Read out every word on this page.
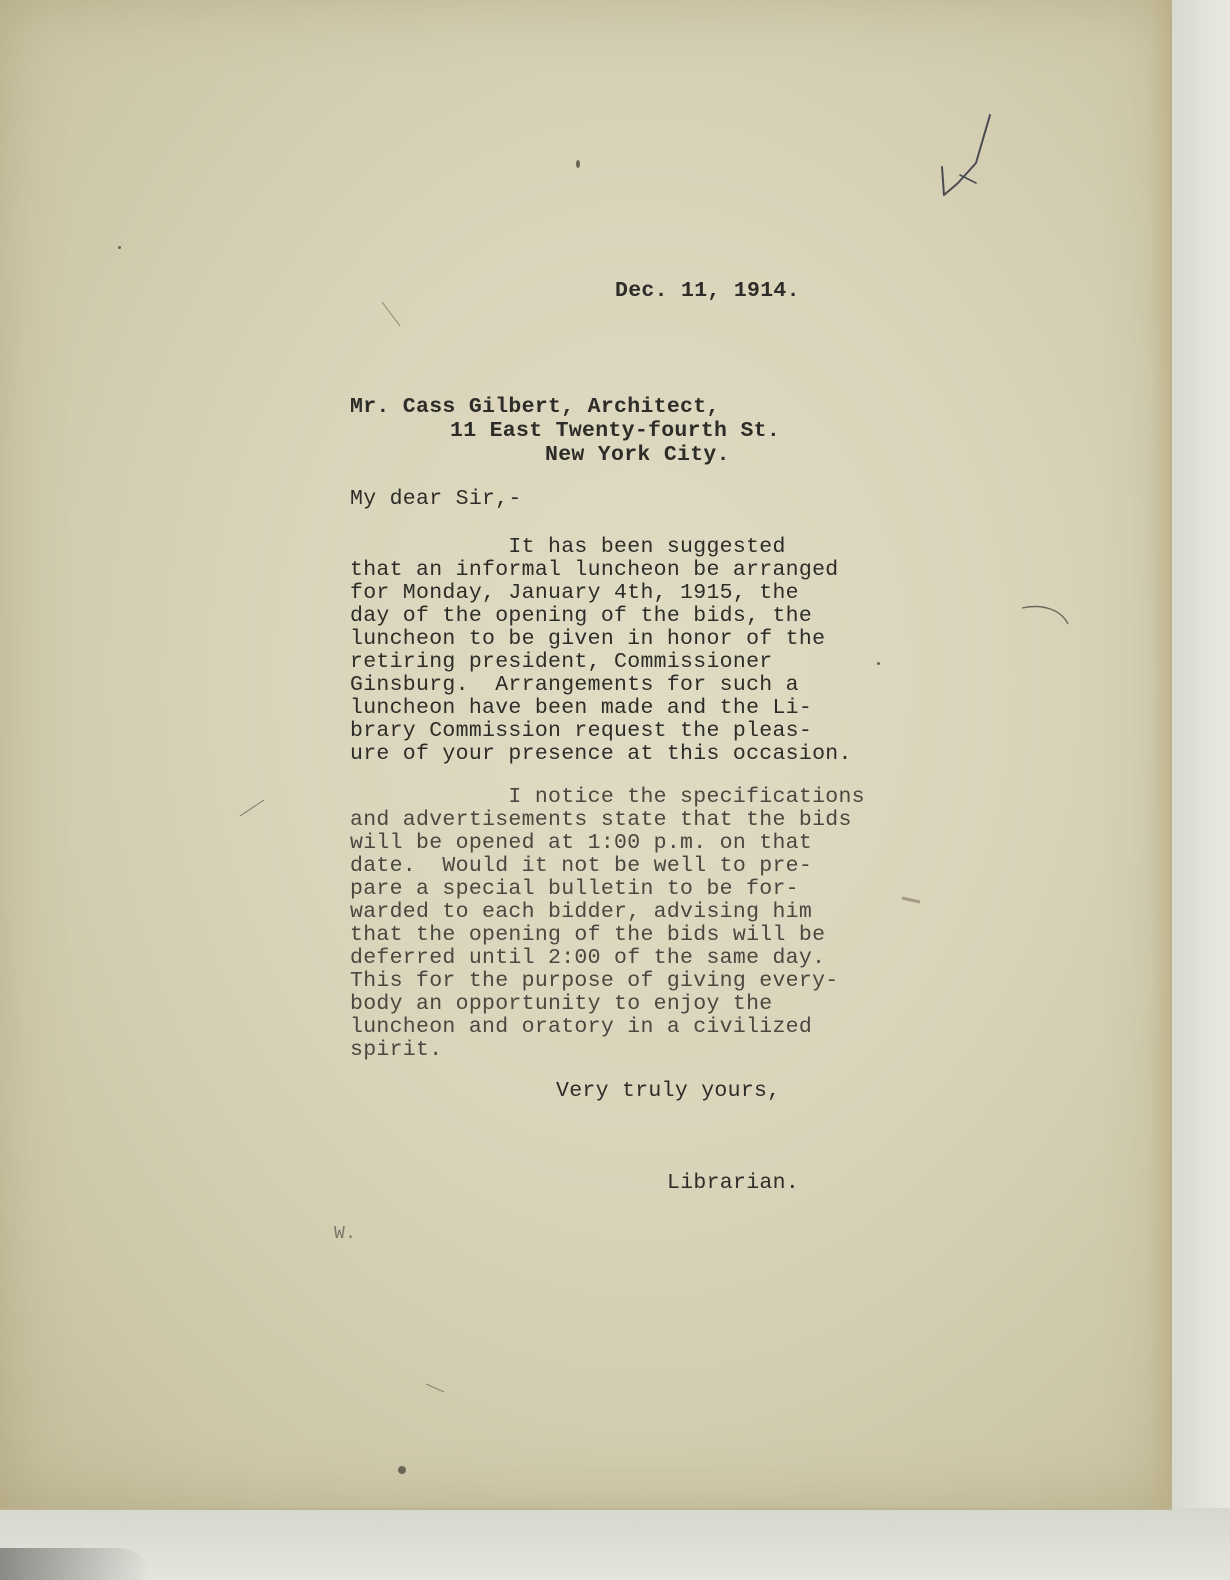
Dec. 11, 1914.
Mr. Cass Gilbert, Architect,
11 East Twenty-fourth St.
New York City.
My dear Sir,-
It has been suggested
that an informal luncheon be arranged
for Monday, January 4th, 1915, the
day of the opening of the bids, the
luncheon to be given in honor of the
retiring president, Commissioner
Ginsburg.  Arrangements for such a
luncheon have been made and the Li-
brary Commission request the pleas-
ure of your presence at this occasion.
I notice the specifications
and advertisements state that the bids
will be opened at 1:00 p.m. on that
date.  Would it not be well to pre-
pare a special bulletin to be for-
warded to each bidder, advising him
that the opening of the bids will be
deferred until 2:00 of the same day.
This for the purpose of giving every-
body an opportunity to enjoy the
luncheon and oratory in a civilized
spirit.
Very truly yours,
Librarian.
W.
